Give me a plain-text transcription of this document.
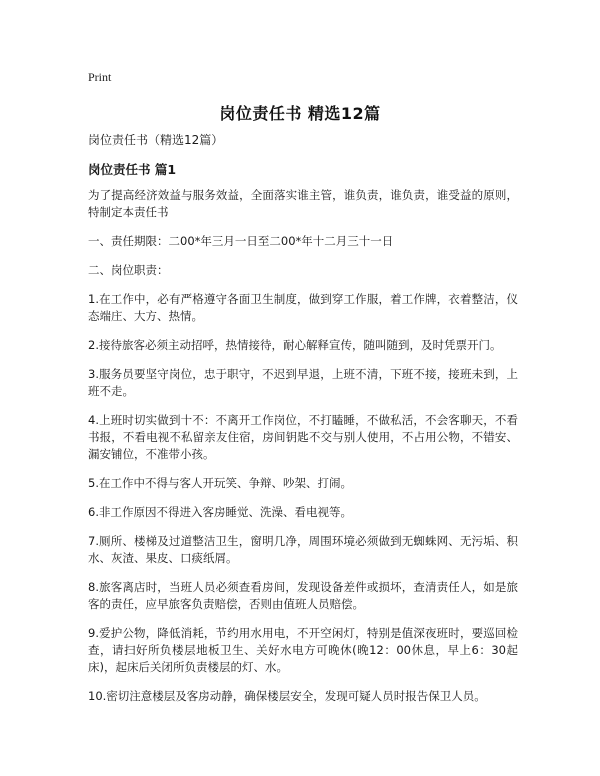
Print
岗位责任书 精选12篇
岗位责任书（精选12篇）
岗位责任书 篇1

为了提高经济效益与服务效益，全面落实谁主管，谁负责，谁负责，谁受益的原则，特制定本责任书

一、责任期限：二00*年三月一日至二00*年十二月三十一日

二、岗位职责：

1.在工作中，必有严格遵守各面卫生制度，做到穿工作服，着工作牌，衣着整洁，仪态端庄、大方、热情。

2.接待旅客必须主动招呼，热情接待，耐心解释宣传，随叫随到，及时凭票开门。

3.服务员要坚守岗位，忠于职守，不迟到早退，上班不清，下班不接，接班未到，上班不走。

4.上班时切实做到十不：不离开工作岗位，不打瞌睡，不做私活，不会客聊天，不看书报，不看电视不私留亲友住宿，房间钥匙不交与别人使用，不占用公物，不错安、漏安铺位，不准带小孩。

5.在工作中不得与客人开玩笑、争辩、吵架、打闹。

6.非工作原因不得进入客房睡觉、洗澡、看电视等。

7.厕所、楼梯及过道整洁卫生，窗明几净，周围环境必须做到无蜘蛛网、无污垢、积水、灰渣、果皮、口痰纸屑。

8.旅客离店时，当班人员必须查看房间，发现设备差件或损坏，查清责任人，如是旅客的责任，应早旅客负责赔偿，否则由值班人员赔偿。

9.爱护公物，降低消耗，节约用水用电，不开空闲灯，特别是值深夜班时，要巡回检查，请扫好所负楼层地板卫生、关好水电方可晚休(晚12：00休息，早上6：30起床)，起床后关闭所负责楼层的灯、水。

10.密切注意楼层及客房动静，确保楼层安全，发现可疑人员时报告保卫人员。
